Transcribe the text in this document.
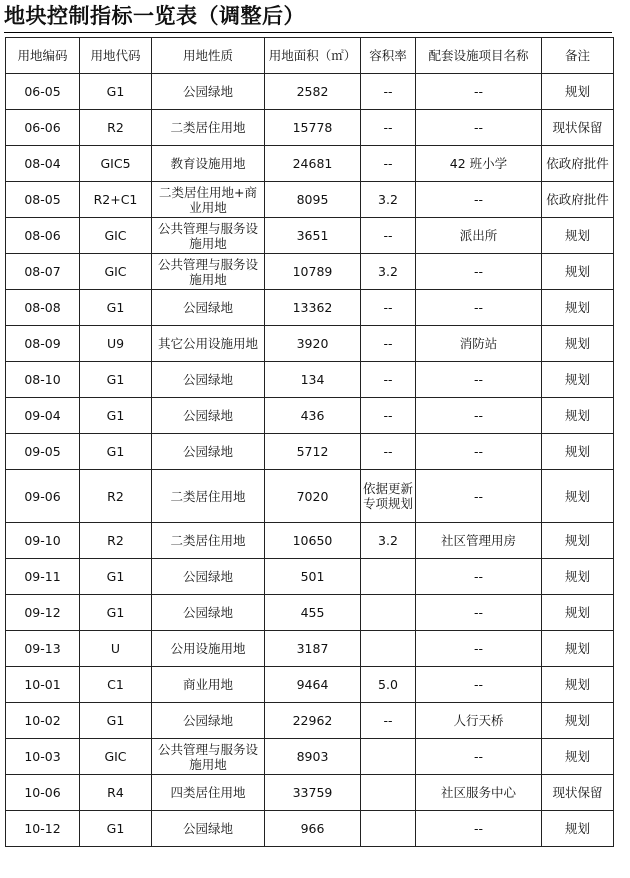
地块控制指标一览表（调整后）
用地编码	用地代码	用地性质	用地面积（㎡）	容积率	配套设施项目名称	备注
06-05	G1	公园绿地	2582	--	--	规划
06-06	R2	二类居住用地	15778	--	--	现状保留
08-04	GIC5	教育设施用地	24681	--	42 班小学	依政府批件
08-05	R2+C1	二类居住用地+商业用地	8095	3.2	--	依政府批件
08-06	GIC	公共管理与服务设施用地	3651	--	派出所	规划
08-07	GIC	公共管理与服务设施用地	10789	3.2	--	规划
08-08	G1	公园绿地	13362	--	--	规划
08-09	U9	其它公用设施用地	3920	--	消防站	规划
08-10	G1	公园绿地	134	--	--	规划
09-04	G1	公园绿地	436	--	--	规划
09-05	G1	公园绿地	5712	--	--	规划
09-06	R2	二类居住用地	7020	依据更新专项规划	--	规划
09-10	R2	二类居住用地	10650	3.2	社区管理用房	规划
09-11	G1	公园绿地	501		--	规划
09-12	G1	公园绿地	455		--	规划
09-13	U	公用设施用地	3187		--	规划
10-01	C1	商业用地	9464	5.0	--	规划
10-02	G1	公园绿地	22962	--	人行天桥	规划
10-03	GIC	公共管理与服务设施用地	8903		--	规划
10-06	R4	四类居住用地	33759		社区服务中心	现状保留
10-12	G1	公园绿地	966		--	规划
